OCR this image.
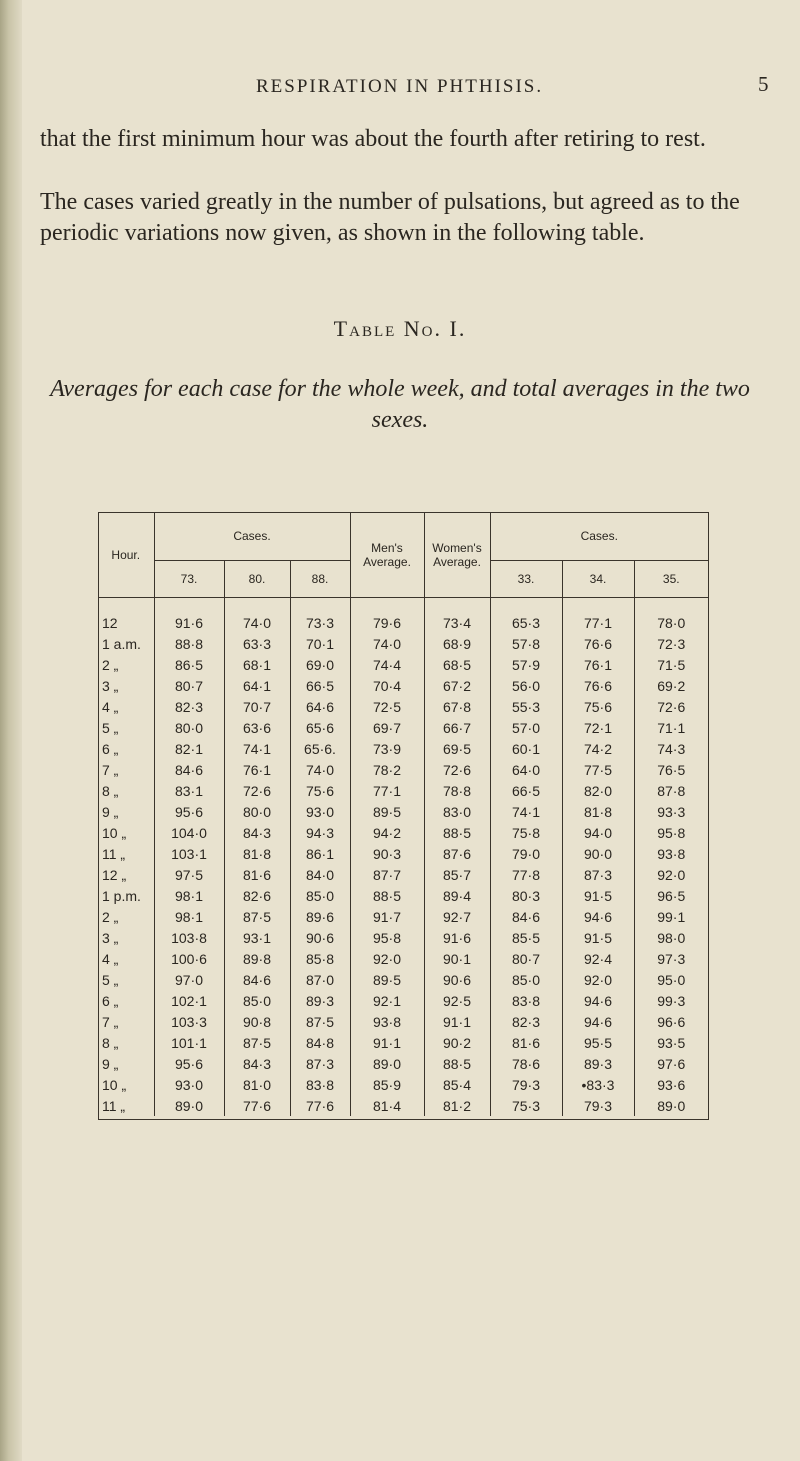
RESPIRATION IN PHTHISIS.	5

that the first minimum hour was about the fourth after retiring to rest.

The cases varied greatly in the number of pulsations, but agreed as to the periodic variations now given, as shown in the following table.

Table No. I.
Averages for each case for the whole week, and total averages in the two sexes.
Hour.	Cases.			Men's Average.	Women's Average.	Cases.		
	73.	80.	88.			33.	34.	35.

12	91·6	74·0	73·3	79·6	73·4	65·3	77·1	78·0
1 a.m.	88·8	63·3	70·1	74·0	68·9	57·8	76·6	72·3
2 „	86·5	68·1	69·0	74·4	68·5	57·9	76·1	71·5
3 „	80·7	64·1	66·5	70·4	67·2	56·0	76·6	69·2
4 „	82·3	70·7	64·6	72·5	67·8	55·3	75·6	72·6
5 „	80·0	63·6	65·6	69·7	66·7	57·0	72·1	71·1
6 „	82·1	74·1	65·6.	73·9	69·5	60·1	74·2	74·3
7 „	84·6	76·1	74·0	78·2	72·6	64·0	77·5	76·5
8 „	83·1	72·6	75·6	77·1	78·8	66·5	82·0	87·8
9 „	95·6	80·0	93·0	89·5	83·0	74·1	81·8	93·3
10 „	104·0	84·3	94·3	94·2	88·5	75·8	94·0	95·8
11 „	103·1	81·8	86·1	90·3	87·6	79·0	90·0	93·8
12 „	97·5	81·6	84·0	87·7	85·7	77·8	87·3	92·0
1 p.m.	98·1	82·6	85·0	88·5	89·4	80·3	91·5	96·5
2 „	98·1	87·5	89·6	91·7	92·7	84·6	94·6	99·1
3 „	103·8	93·1	90·6	95·8	91·6	85·5	91·5	98·0
4 „	100·6	89·8	85·8	92·0	90·1	80·7	92·4	97·3
5 „	97·0	84·6	87·0	89·5	90·6	85·0	92·0	95·0
6 „	102·1	85·0	89·3	92·1	92·5	83·8	94·6	99·3
7 „	103·3	90·8	87·5	93·8	91·1	82·3	94·6	96·6
8 „	101·1	87·5	84·8	91·1	90·2	81·6	95·5	93·5
9 „	95·6	84·3	87·3	89·0	88·5	78·6	89·3	97·6
10 „	93·0	81·0	83·8	85·9	85·4	79·3	•83·3	93·6
11 „	89·0	77·6	77·6	81·4	81·2	75·3	79·3	89·0
